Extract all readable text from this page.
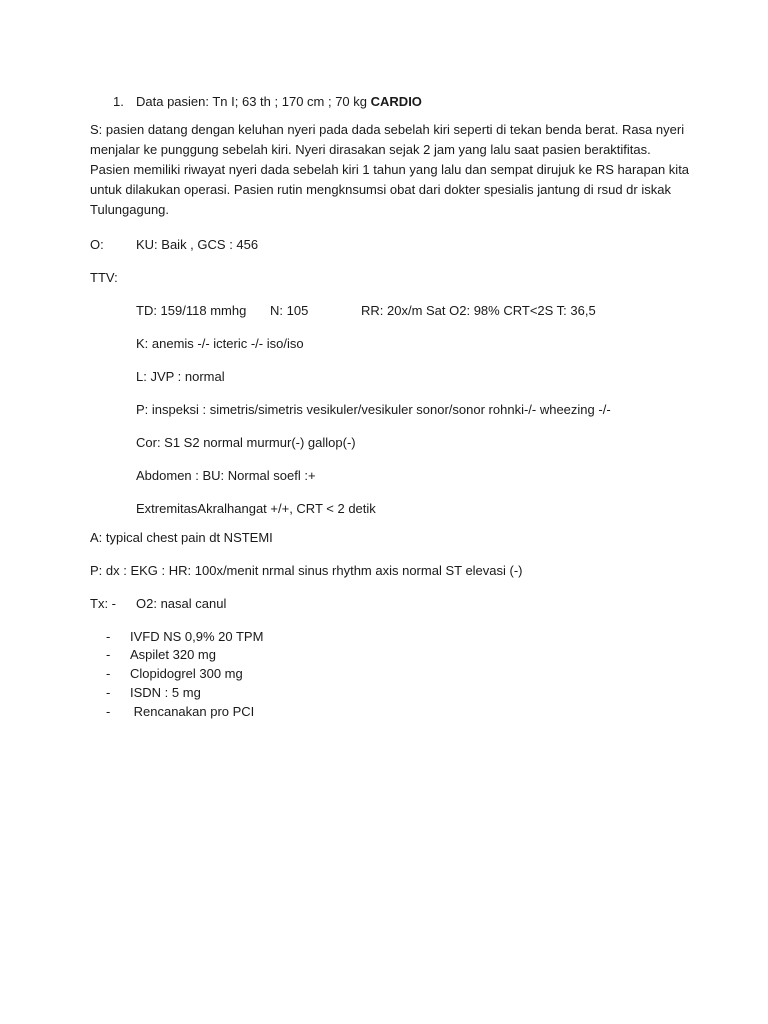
1. Data pasien: Tn I; 63 th ; 170 cm ; 70 kg CARDIO
S: pasien datang dengan keluhan nyeri pada dada sebelah kiri seperti di tekan benda berat. Rasa nyeri menjalar ke punggung sebelah kiri. Nyeri dirasakan sejak 2 jam yang lalu saat pasien beraktifitas. Pasien memiliki riwayat nyeri dada sebelah kiri 1 tahun yang lalu dan sempat dirujuk ke RS harapan kita untuk dilakukan operasi. Pasien rutin mengknsumsi obat dari dokter spesialis jantung di rsud dr iskak Tulungagung.
O: KU: Baik , GCS : 456
TTV:
TD: 159/118 mmhg N: 105	RR: 20x/m Sat O2: 98% CRT<2S T: 36,5
K: anemis -/- icteric -/- iso/iso
L: JVP : normal
P: inspeksi : simetris/simetris vesikuler/vesikuler sonor/sonor rohnki-/- wheezing -/-
Cor: S1 S2 normal murmur(-) gallop(-)
Abdomen : BU: Normal soefl :+
ExtremitasAkralhangat +/+, CRT < 2 detik
A: typical chest pain dt NSTEMI
P: dx : EKG : HR: 100x/menit nrmal sinus rhythm axis normal ST elevasi (-)
Tx: - O2: nasal canul
- IVFD NS 0,9% 20 TPM
- Aspilet 320 mg
- Clopidogrel 300 mg
- ISDN : 5 mg
- Rencanakan pro PCI
